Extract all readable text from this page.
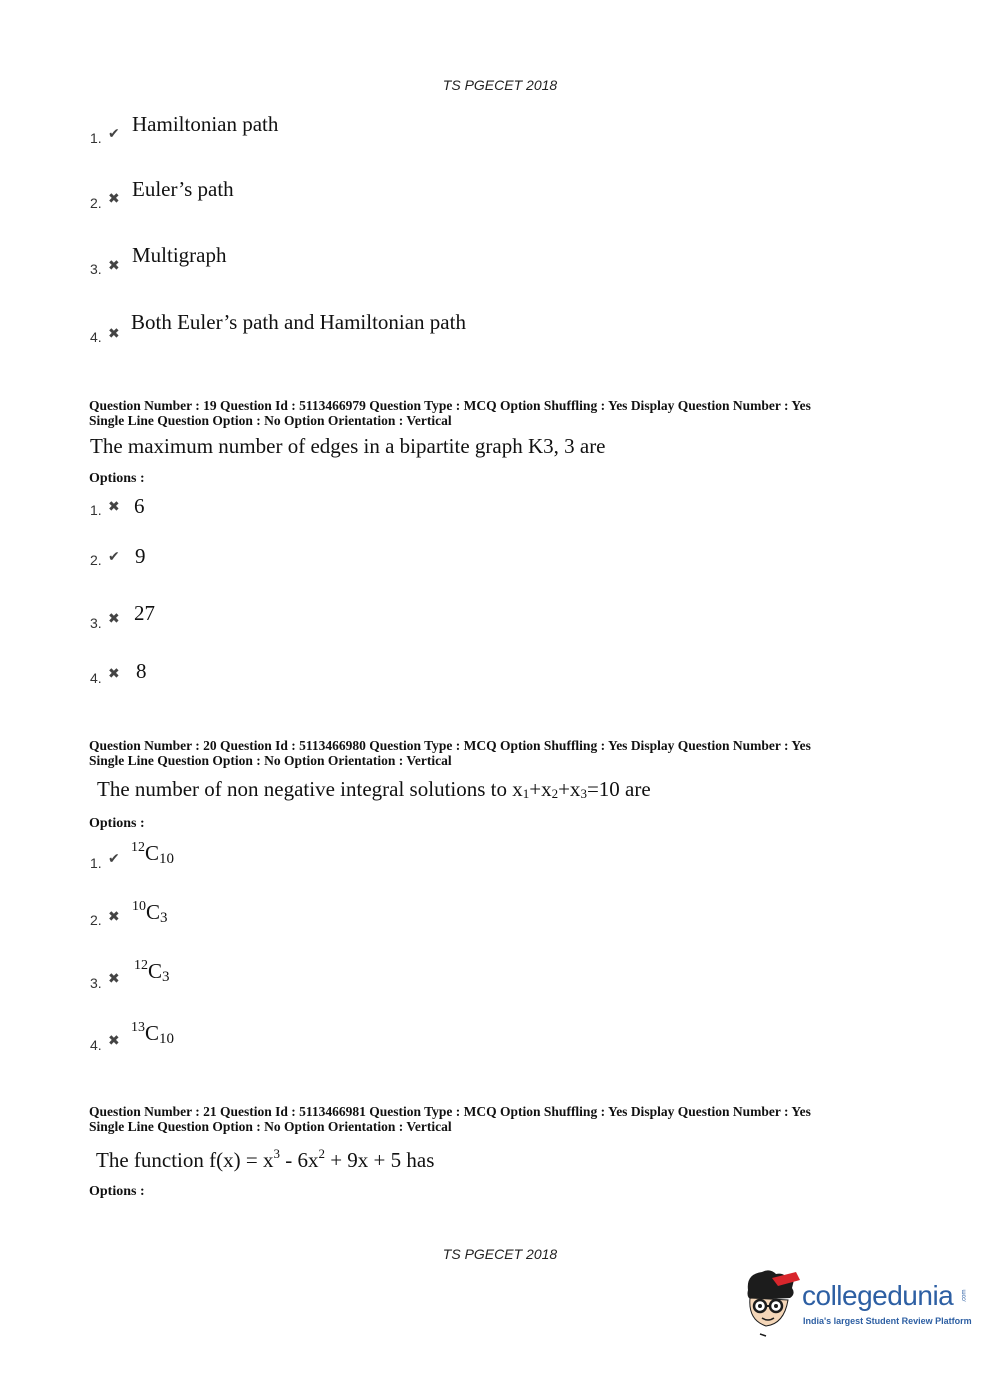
TS PGECET 2018
1. ✔ Hamiltonian path
2. ✖ Euler’s path
3. ✖ Multigraph
4. ✖ Both Euler’s path and Hamiltonian path
Question Number : 19 Question Id : 5113466979 Question Type : MCQ Option Shuffling : Yes Display Question Number : Yes
Single Line Question Option : No Option Orientation : Vertical
The maximum number of edges in a bipartite graph K3, 3 are
Options :
1. ✖ 6
2. ✔ 9
3. ✖ 27
4. ✖ 8
Question Number : 20 Question Id : 5113466980 Question Type : MCQ Option Shuffling : Yes Display Question Number : Yes
Single Line Question Option : No Option Orientation : Vertical
The number of non negative integral solutions to $x_1+x_2+x_3=10$ are
Options :
1. ✔
$^{12}C_{10}$
2. ✖
$^{10}C_3$
3. ✖
$^{12}C_3$
4. ✖
$^{13}C_{10}$
Question Number : 21 Question Id : 5113466981 Question Type : MCQ Option Shuffling : Yes Display Question Number : Yes
Single Line Question Option : No Option Orientation : Vertical
The function $f(x) = x^3 - 6x^2 + 9x + 5$ has
Options :
TS PGECET 2018
collegedunia .com
India's largest Student Review Platform
